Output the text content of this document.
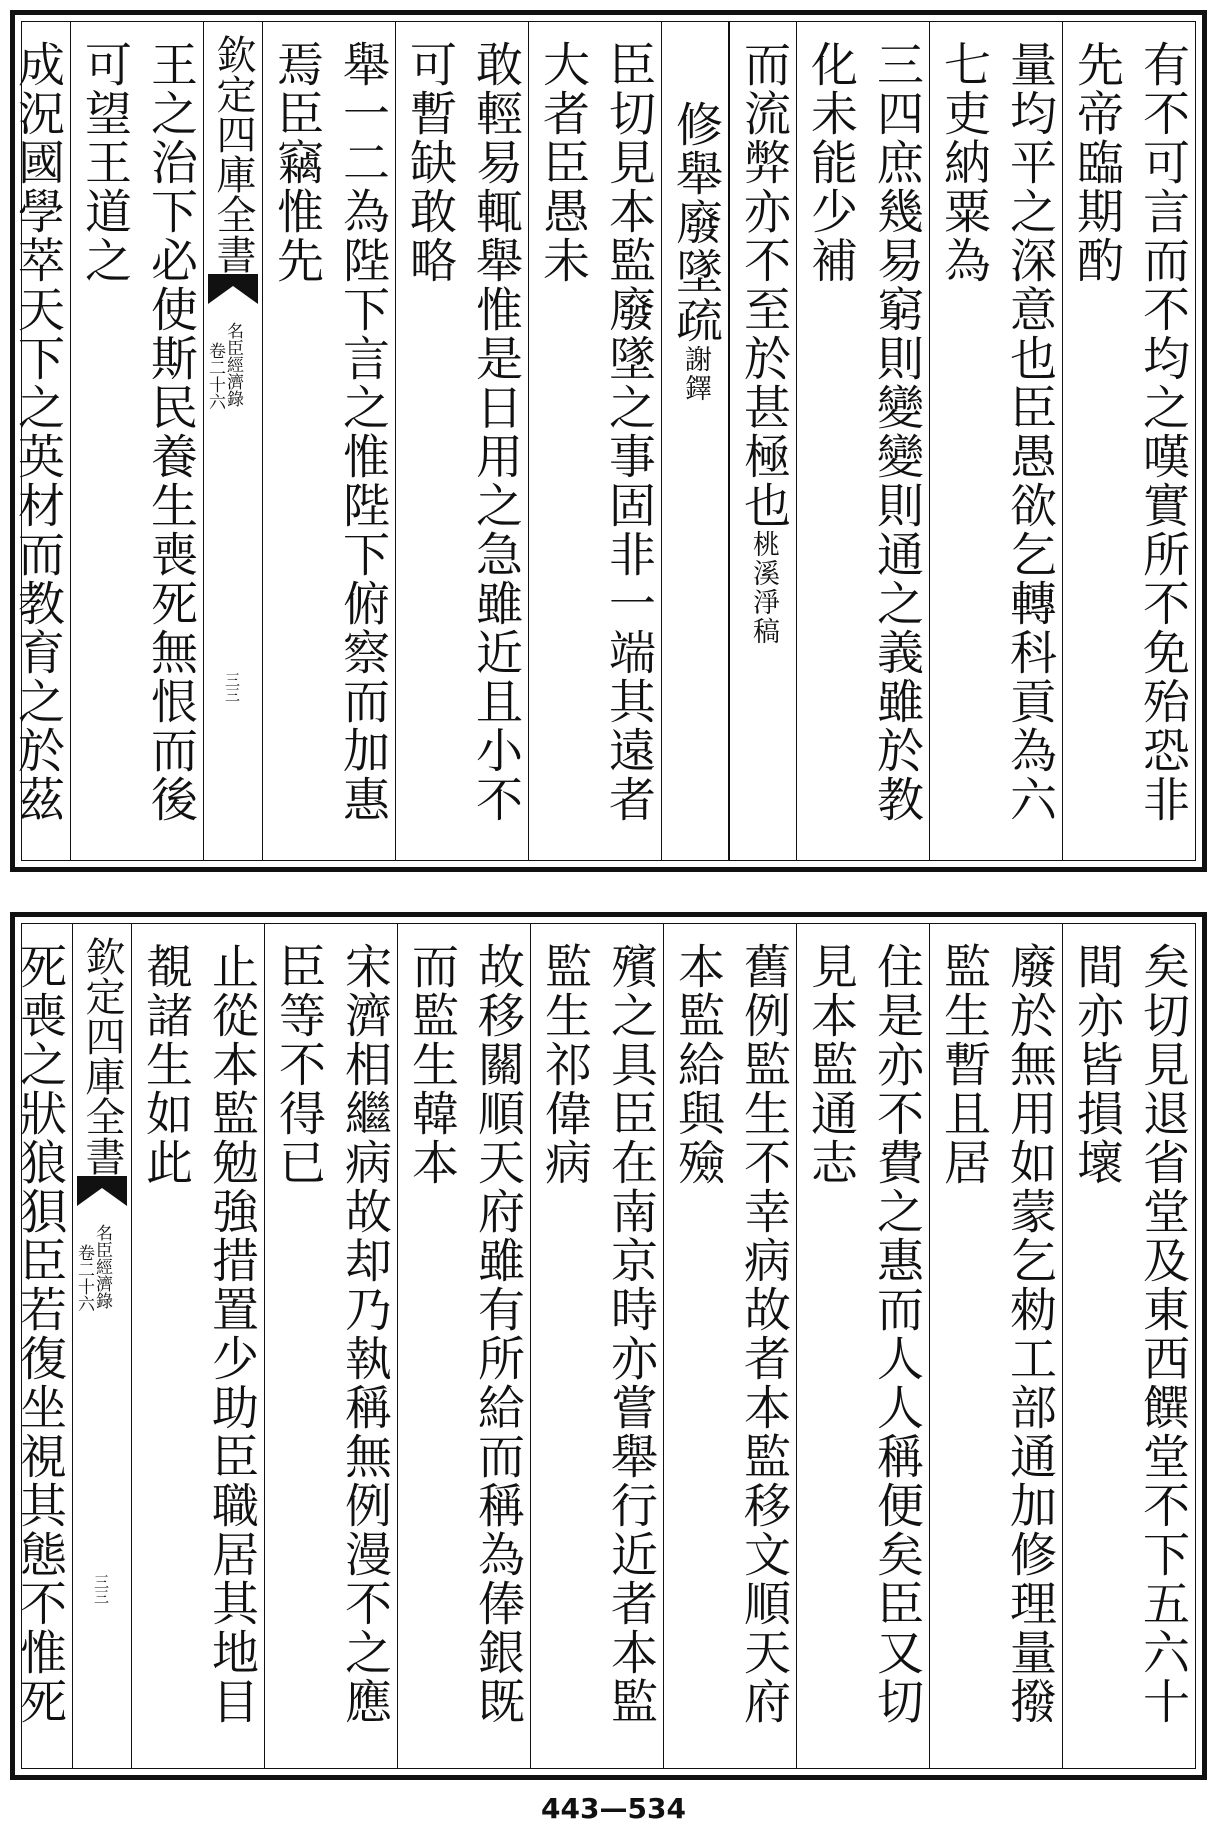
有不可言而不均之嘆實所不免殆恐非先帝臨期酌
量均平之深意也臣愚欲乞轉科貢為六七吏納粟為
三四庶幾易窮則變變則通之義雖於教化未能少補
而流弊亦不至於甚極也桃溪淨稿
修舉廢墜疏謝鐸
臣切見本監廢墜之事固非一端其遠者大者臣愚未
敢輕易輒舉惟是日用之急雖近且小不可暫缺敢略
舉一二為陛下言之惟陛下俯察而加惠焉臣竊惟先
欽定四庫全書
名臣經濟錄
卷二十六
三三
王之治下必使斯民養生喪死無恨而後可望王道之
成況國學萃天下之英材而教育之於茲
矣切見退省堂及東西饌堂不下五六十間亦皆損壞
廢於無用如蒙乞勑工部通加修理量撥監生暫且居
住是亦不費之惠而人人稱便矣臣又切見本監通志
舊例監生不幸病故者本監移文順天府本監給與殮
殯之具臣在南京時亦嘗舉行近者本監監生祁偉病
故移關順天府雖有所給而稱為俸銀既而監生韓本
宋濟相繼病故却乃執稱無例漫不之應臣等不得已
止從本監勉強措置少助臣職居其地目覩諸生如此
欽定四庫全書
名臣經濟錄
卷二十六
三三
死喪之狀狼狽臣若復坐視其態不惟死
443—534
